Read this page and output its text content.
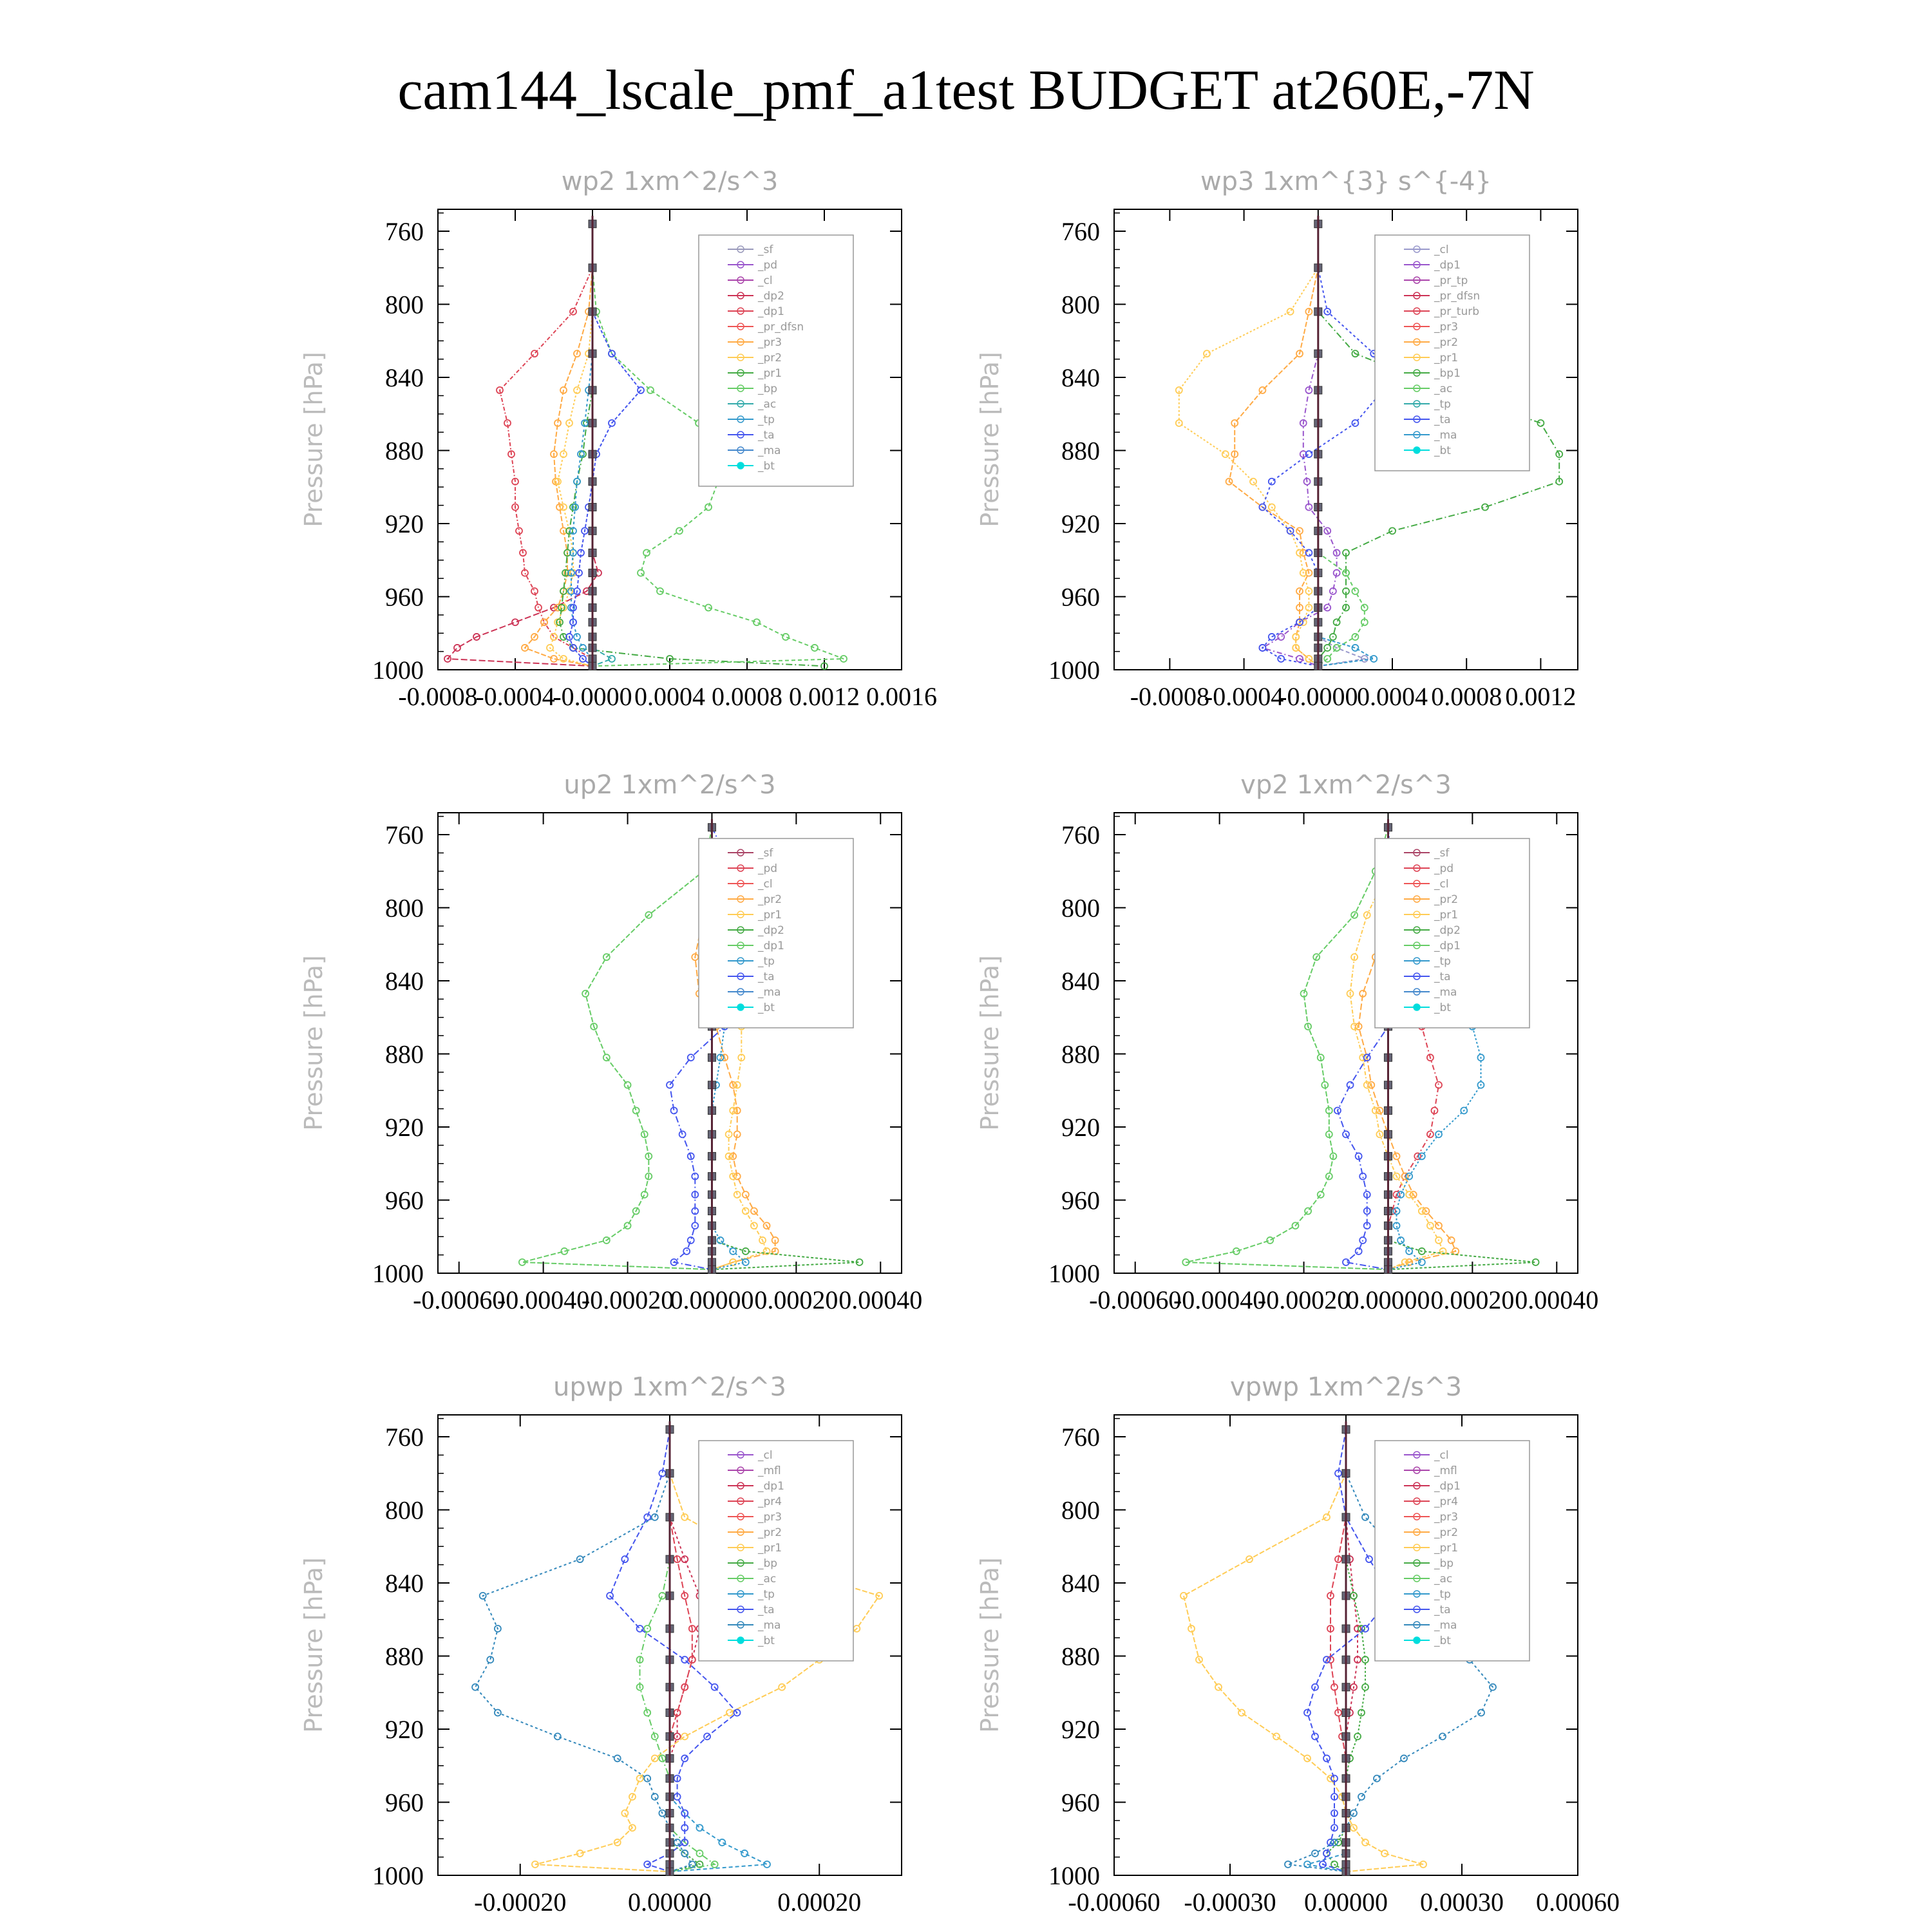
cam144_lscale_pmf_a1test BUDGET at260E,-7N
wp2 1xm^2/s^3
Pressure [hPa]
760
800
840
880
920
960
1000
-0.0008
-0.0004
-0.0000 0.0004 0.0008 0.0012 0.0016
_sf
_pd
_cl
_dp2
_dp1
_pr_dfsn
_pr3
_pr2
_pr1
_bp
_ac
_tp
_ta
_ma
_bt
wp3 1xm^{3} s^{-4}
Pressure [hPa]
760
800
840
880
920
960
1000
-0.0008
-0.0004
-0.0000
0.0004 0.0008 0.0012
_cl
_dp1
_pr_tp
_pr_dfsn
_pr_turb
_pr3
_pr2
_pr1
_bp1
_ac
_tp
_ta
_ma
_bt
up2 1xm^2/s^3
Pressure [hPa]
760
800
840
880
920
960
1000
-0.00060
-0.00040
-0.00020
0.00000 0.00020 0.00040
_sf
_pd
_cl
_pr2
_pr1
_dp2
_dp1
_tp
_ta
_ma
_bt
vp2 1xm^2/s^3
Pressure [hPa]
760
800
840
880
920
960
1000
-0.00060
-0.00040
-0.00020
0.00000 0.00020 0.00040
_sf
_pd
_cl
_pr2
_pr1
_dp2
_dp1
_tp
_ta
_ma
_bt
upwp 1xm^2/s^3
Pressure [hPa]
760
800
840
880
920
960
1000
-0.00020 0.00000	0.00020
_cl
_mfl
_dp1
_pr4
_pr3
_pr2
_pr1
_bp
_ac
_tp
_ta
_ma
_bt
vpwp 1xm^2/s^3
Pressure [hPa]
760
800
840
880
920
960
1000
-0.00060 -0.00030 0.00000 0.00030 0.00060
_cl
_mfl
_dp1
_pr4
_pr3
_pr2
_pr1
_bp
_ac
_tp
_ta
_ma
_bt
